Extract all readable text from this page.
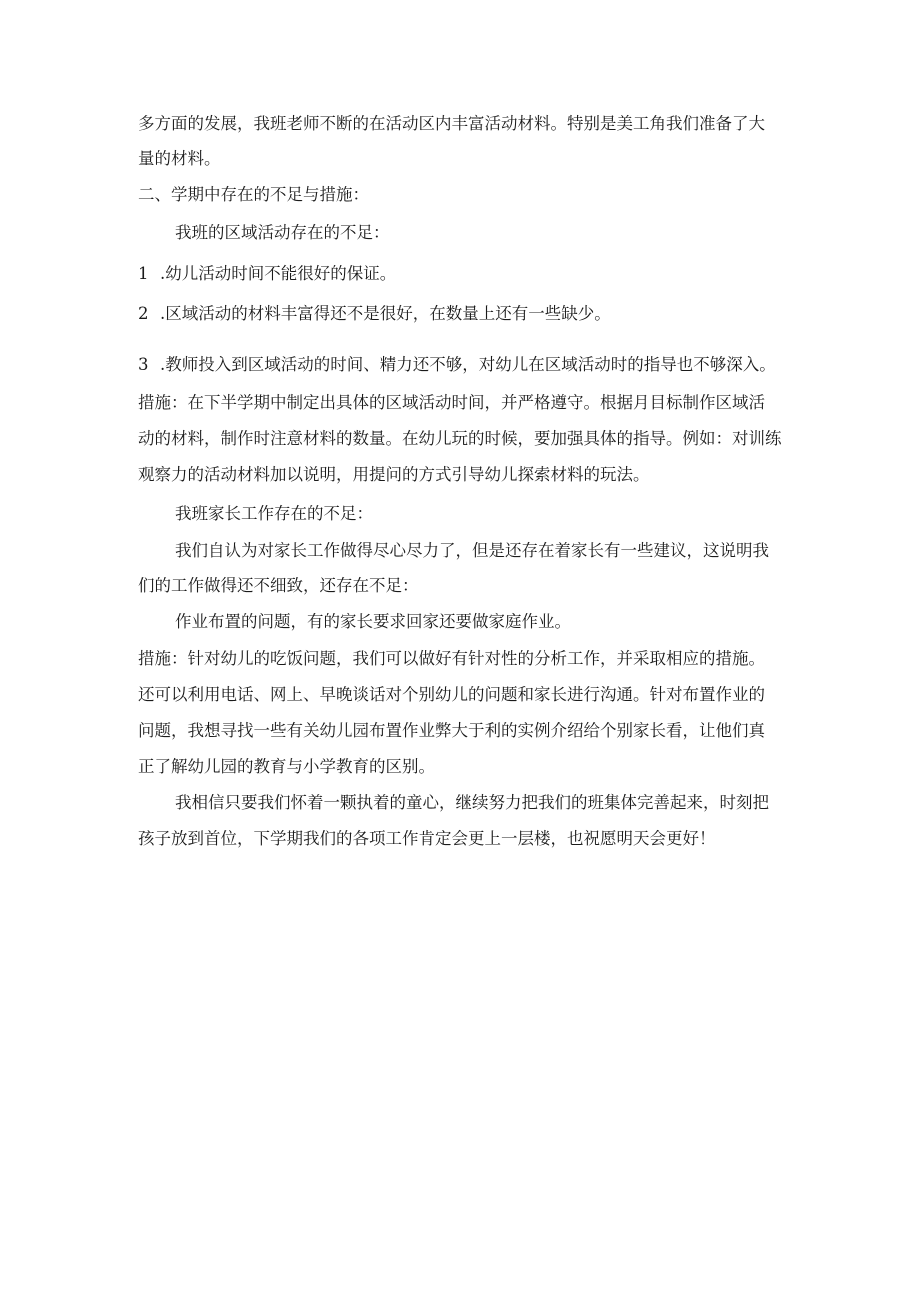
多方面的发展，我班老师不断的在活动区内丰富活动材料。特别是美工角我们准备了大
量的材料。
二、学期中存在的不足与措施：
我班的区域活动存在的不足：
1 .幼儿活动时间不能很好的保证。
2 .区域活动的材料丰富得还不是很好，在数量上还有一些缺少。
3 .教师投入到区域活动的时间、精力还不够，对幼儿在区域活动时的指导也不够深入。
措施：在下半学期中制定出具体的区域活动时间，并严格遵守。根据月目标制作区域活
动的材料，制作时注意材料的数量。在幼儿玩的时候，要加强具体的指导。例如：对训练
观察力的活动材料加以说明，用提问的方式引导幼儿探索材料的玩法。
我班家长工作存在的不足：
我们自认为对家长工作做得尽心尽力了，但是还存在着家长有一些建议，这说明我
们的工作做得还不细致，还存在不足：
作业布置的问题，有的家长要求回家还要做家庭作业。
措施：针对幼儿的吃饭问题，我们可以做好有针对性的分析工作，并采取相应的措施。
还可以利用电话、网上、早晚谈话对个别幼儿的问题和家长进行沟通。针对布置作业的
问题，我想寻找一些有关幼儿园布置作业弊大于利的实例介绍给个别家长看，让他们真
正了解幼儿园的教育与小学教育的区别。
我相信只要我们怀着一颗执着的童心，继续努力把我们的班集体完善起来，时刻把
孩子放到首位，下学期我们的各项工作肯定会更上一层楼，也祝愿明天会更好！
